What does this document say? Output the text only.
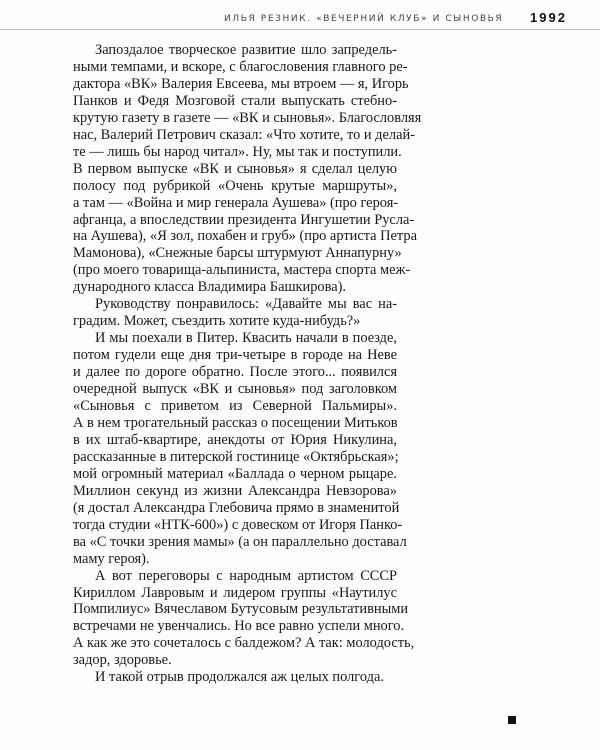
ИЛЬЯ РЕЗНИК. «ВЕЧЕРНИЙ КЛУБ» И СЫНОВЬЯ 1992
Запоздалое творческое развитие шло запредель-
ными темпами, и вскоре, с благословения главного ре-
дактора «ВК» Валерия Евсеева, мы втроем — я, Игорь
Панков и Федя Мозговой стали выпускать стебно-
крутую газету в газете — «ВК и сыновья». Благословляя
нас, Валерий Петрович сказал: «Что хотите, то и делай-
те — лишь бы народ читал». Ну, мы так и поступили.
В первом выпуске «ВК и сыновья» я сделал целую
полосу под рубрикой «Очень крутые маршруты»,
а там — «Война и мир генерала Аушева» (про героя-
афганца, а впоследствии президента Ингушетии Русла-
на Аушева), «Я зол, похабен и груб» (про артиста Петра
Мамонова), «Снежные барсы штурмуют Аннапурну»
(про моего товарища-альпиниста, мастера спорта меж-
дународного класса Владимира Башкирова).
Руководству понравилось: «Давайте мы вас на-
градим. Может, съездить хотите куда-нибудь?»
И мы поехали в Питер. Квасить начали в поезде,
потом гудели еще дня три-четыре в городе на Неве
и далее по дороге обратно. После этого... появился
очередной выпуск «ВК и сыновья» под заголовком
«Сыновья с приветом из Северной Пальмиры».
А в нем трогательный рассказ о посещении Митьков
в их штаб-квартире, анекдоты от Юрия Никулина,
рассказанные в питерской гостинице «Октябрьская»;
мой огромный материал «Баллада о черном рыцаре.
Миллион секунд из жизни Александра Невзорова»
(я достал Александра Глебовича прямо в знаменитой
тогда студии «НТК-600») с довеском от Игоря Панко-
ва «С точки зрения мамы» (а он параллельно доставал
маму героя).
А вот переговоры с народным артистом СССР
Кириллом Лавровым и лидером группы «Наутилус
Помпилиус» Вячеславом Бутусовым результативными
встречами не увенчались. Но все равно успели много.
А как же это сочеталось с балдежом? А так: молодость,
задор, здоровье.
И такой отрыв продолжался аж целых полгода.
